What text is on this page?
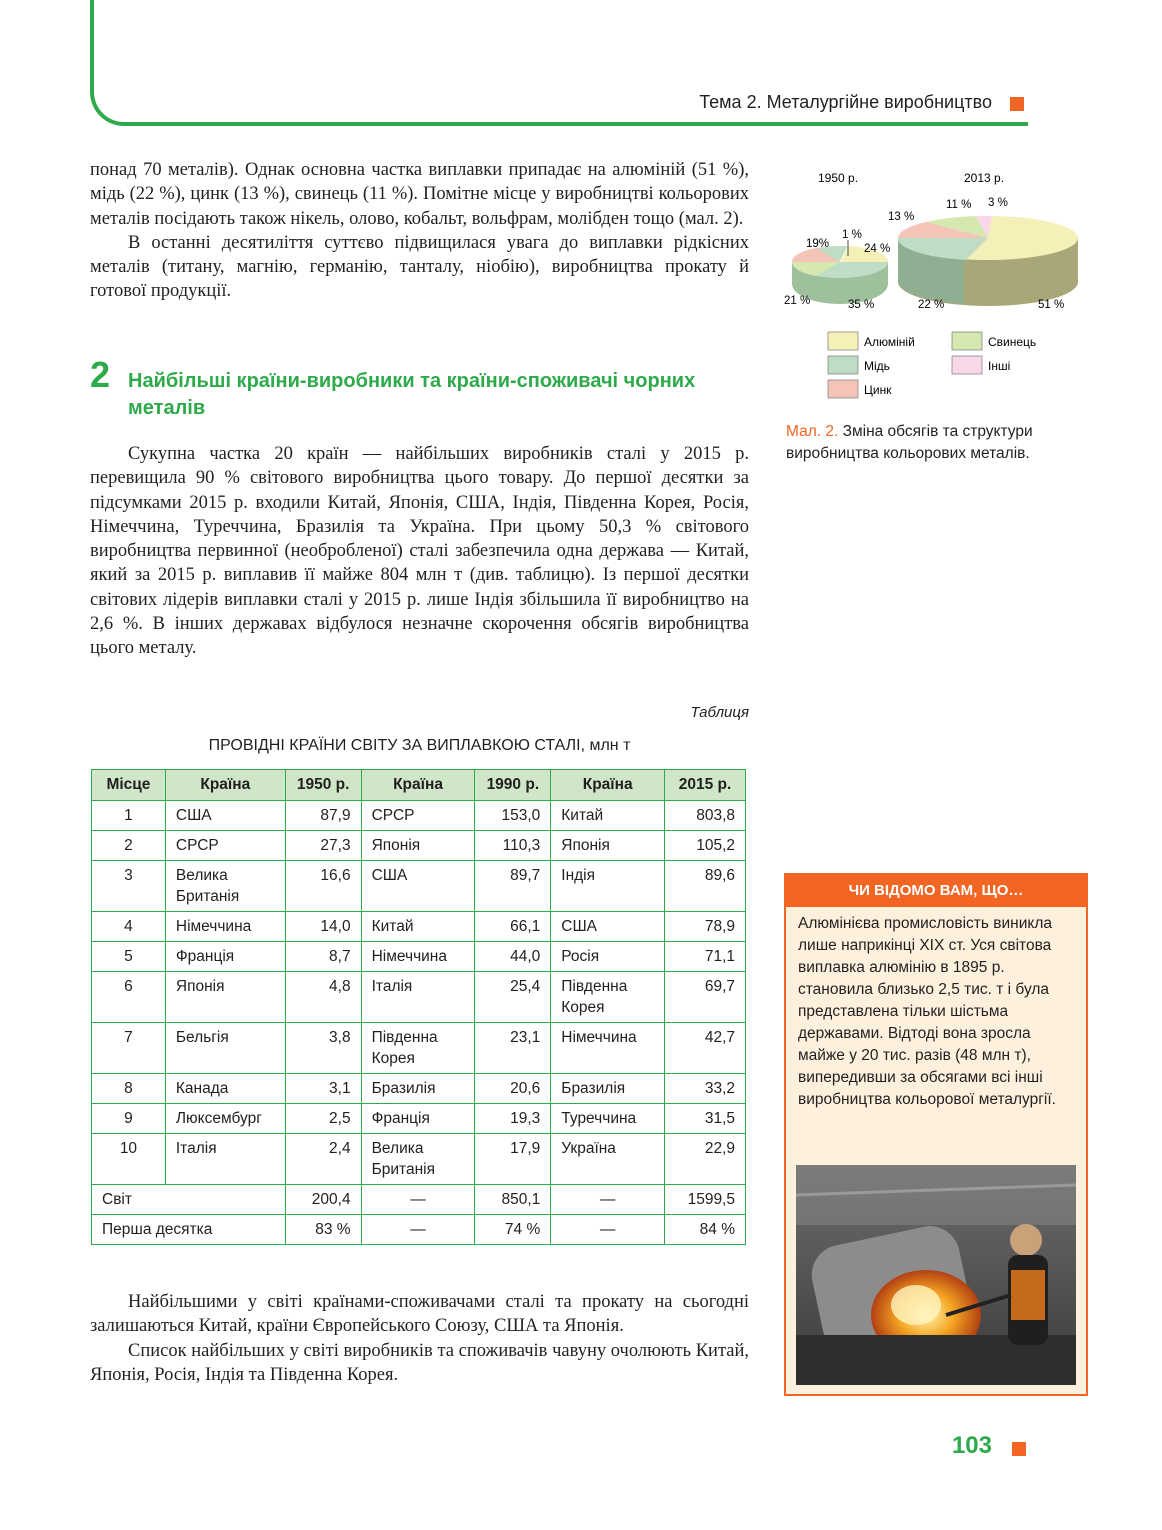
Тема 2. Металургійне виробництво

понад 70 металів). Однак основна частка виплавки припадає на алюміній (51 %), мідь (22 %), цинк (13 %), свинець (11 %). Помітне місце у виробництві кольорових металів посідають також нікель, олово, кобальт, вольфрам, молібден тощо (мал. 2).

В останні десятиліття суттєво підвищилася увага до виплавки рідкісних металів (титану, магнію, германію, танталу, ніобію), виробництва прокату й готової продукції.

2 Найбільші країни-виробники та країни-споживачі чорних металів

Сукупна частка 20 країн — найбільших виробників сталі у 2015 р. перевищила 90 % світового виробництва цього товару. До першої десятки за підсумками 2015 р. входили Китай, Японія, США, Індія, Південна Корея, Росія, Німеччина, Туреччина, Бразилія та Україна. При цьому 50,3 % світового виробництва первинної (необробленої) сталі забезпечила одна держава — Китай, який за 2015 р. виплавив її майже 804 млн т (див. таблицю). Із першої десятки світових лідерів виплавки сталі у 2015 р. лише Індія збільшила її виробництво на 2,6 %. В інших державах відбулося незначне скорочення обсягів виробництва цього металу.

Таблиця
ПРОВІДНІ КРАЇНИ СВІТУ ЗА ВИПЛАВКОЮ СТАЛІ, млн т
Місце	Країна	1950 р.	Країна	1990 р.	Країна	2015 р.
1	США	87,9	СРСР	153,0	Китай	803,8
2	СРСР	27,3	Японія	110,3	Японія	105,2
3	Велика Британія	16,6	США	89,7	Індія	89,6
4	Німеччина	14,0	Китай	66,1	США	78,9
5	Франція	8,7	Німеччина	44,0	Росія	71,1
6	Японія	4,8	Італія	25,4	Південна Корея	69,7
7	Бельгія	3,8	Південна Корея	23,1	Німеччина	42,7
8	Канада	3,1	Бразилія	20,6	Бразилія	33,2
9	Люксембург	2,5	Франція	19,3	Туреччина	31,5
10	Італія	2,4	Велика Британія	17,9	Україна	22,9
Світ		200,4	—	850,1	—	1599,5
Перша десятка		83 %	—	74 %	—	84 %

Найбільшими у світі країнами-споживачами сталі та прокату на сьогодні залишаються Китай, країни Європейського Союзу, США та Японія.

Список найбільших у світі виробників та споживачів чавуну очолюють Китай, Японія, Росія, Індія та Південна Корея.

1950 р.	2013 р.
35 %
24 %
21 %
19%
1 %
51 %
22 %
13 %
11 % 3 %
Алюміній	Свинець
Мідь	Інші
Цинк
Мал. 2. Зміна обсягів та структури виробництва кольорових металів.
ЧИ ВІДОМО ВАМ, ЩО…
Алюмінієва промисловість виникла лише наприкінці XIX ст. Уся світова виплавка алюмінію в 1895 р. становила близько 2,5 тис. т і була представлена тільки шістьма державами. Відтоді вона зросла майже у 20 тис. разів (48 млн т), випередивши за обсягами всі інші виробництва кольорової металургії.
103
